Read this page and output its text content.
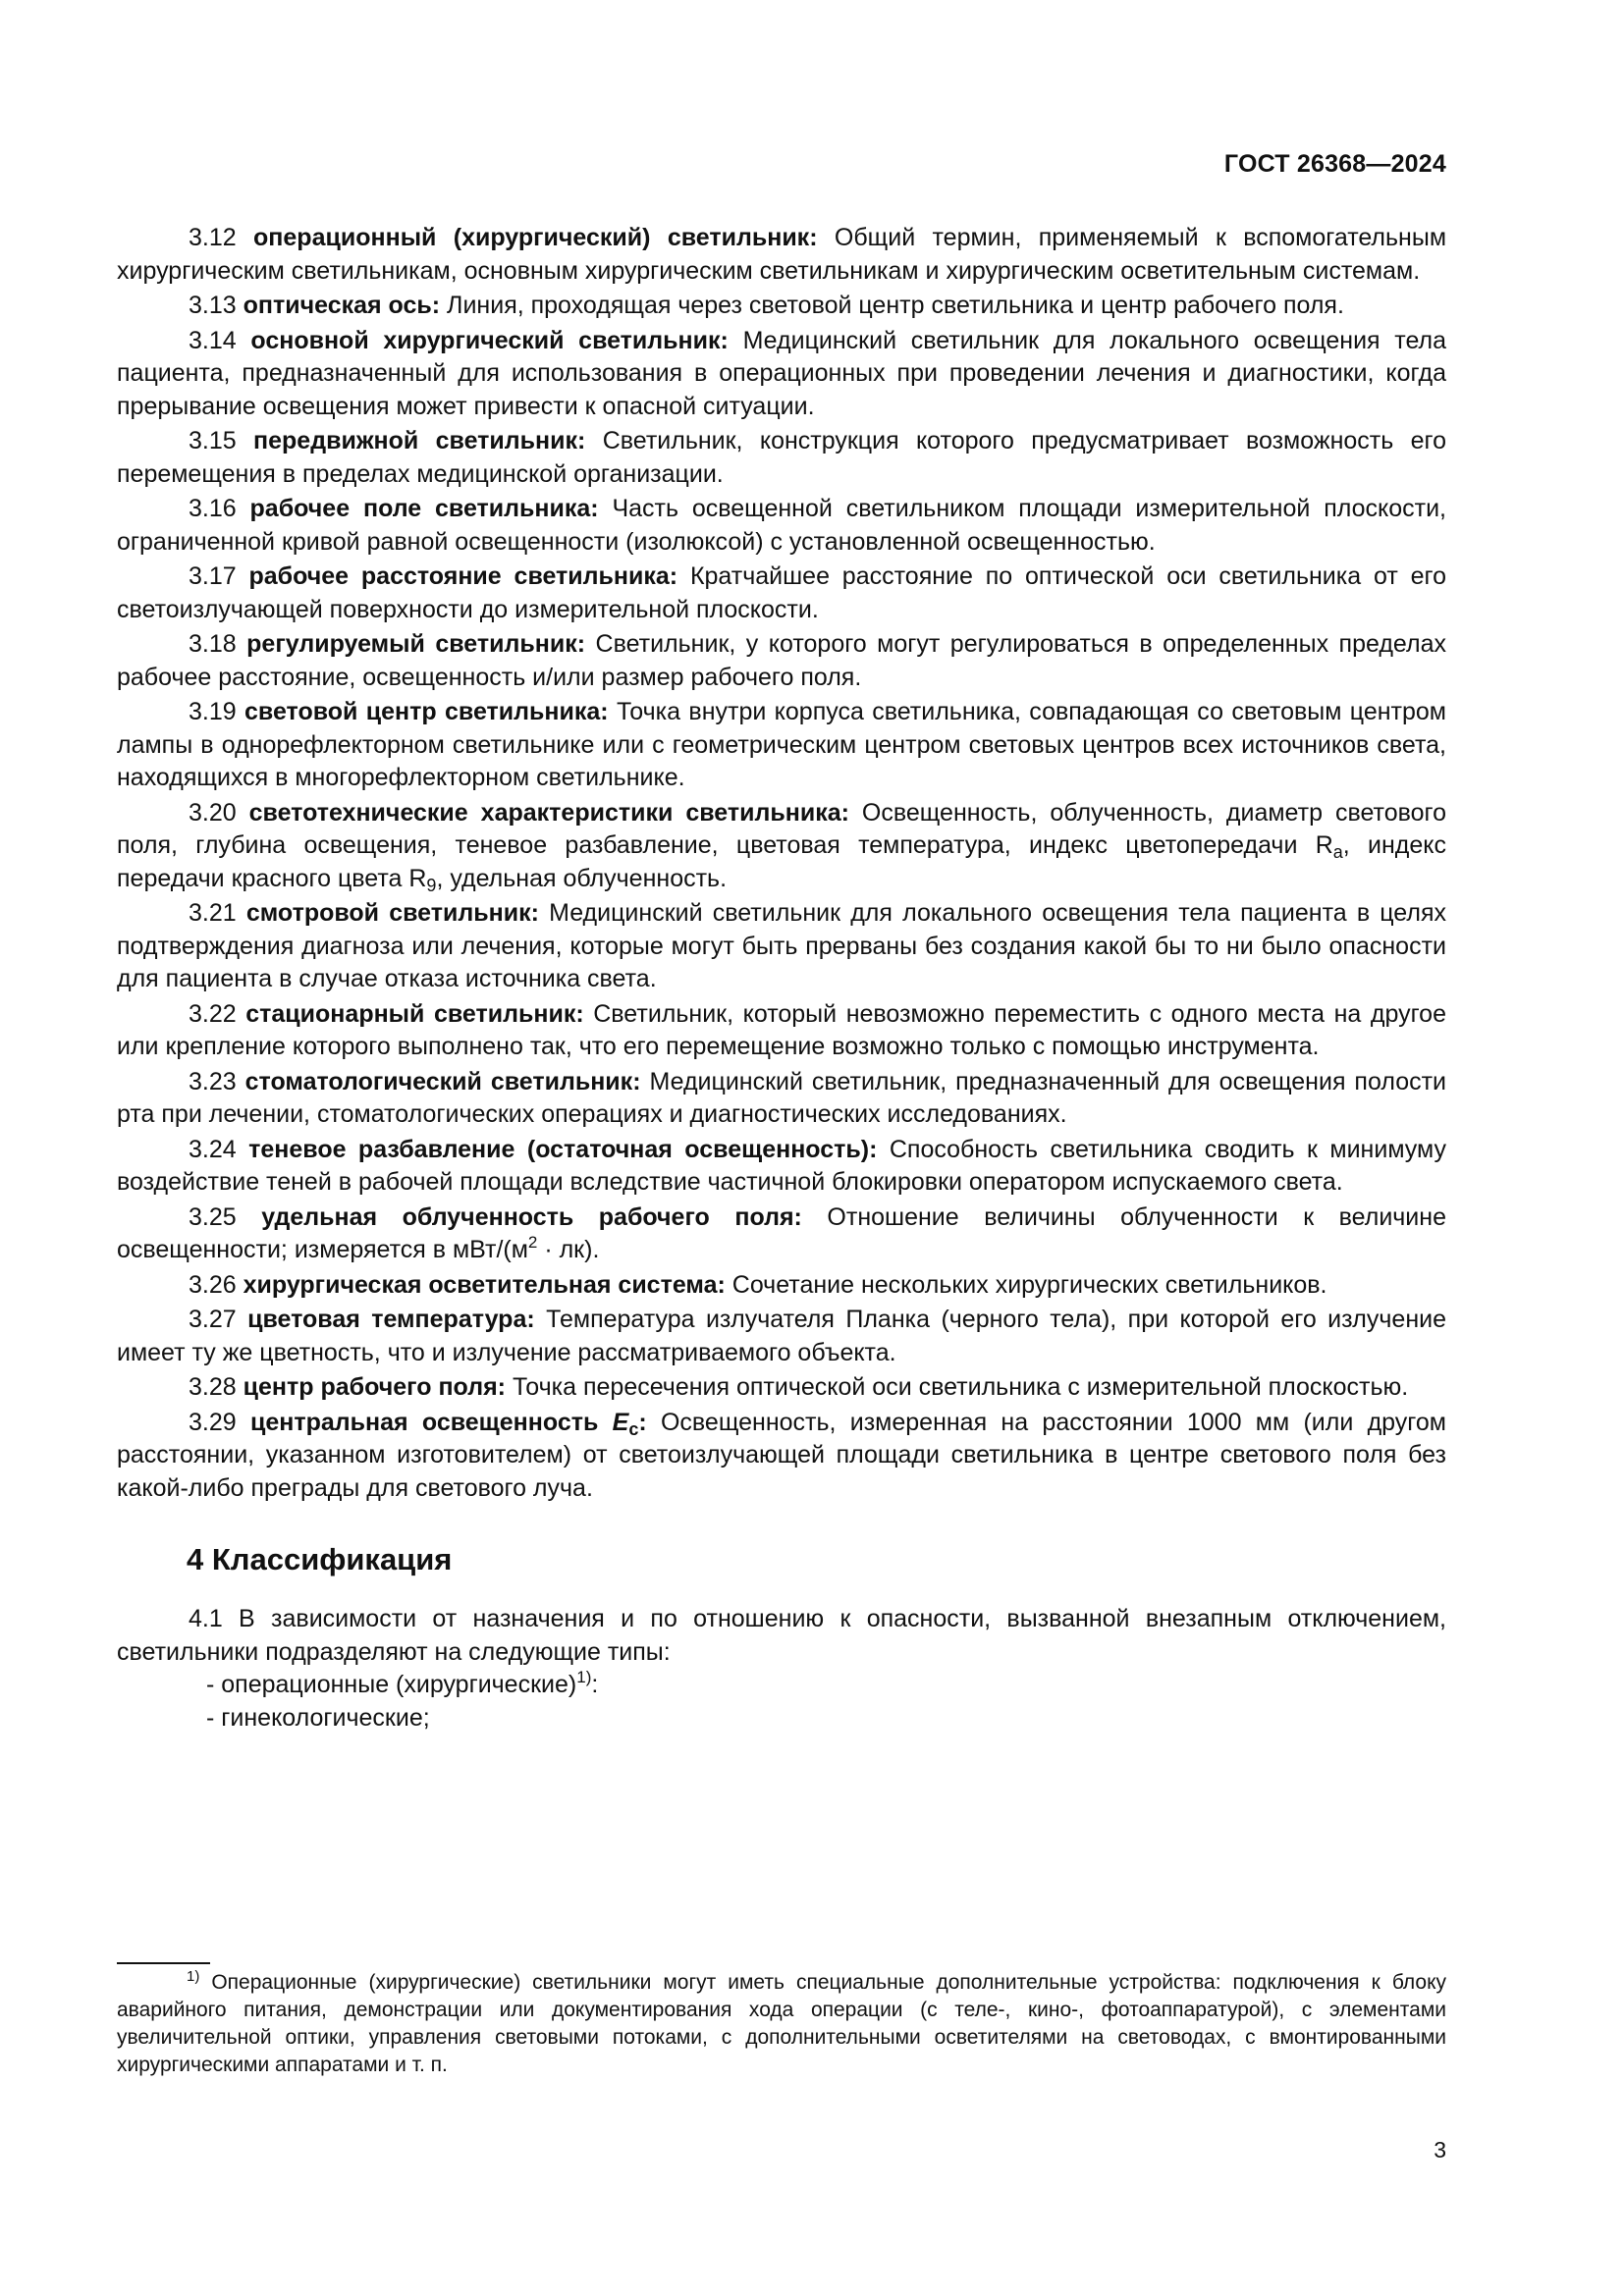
ГОСТ 26368—2024

3.12 операционный (хирургический) светильник: Общий термин, применяемый к вспомогательным хирургическим светильникам, основным хирургическим светильникам и хирургическим осветительным системам.

3.13 оптическая ось: Линия, проходящая через световой центр светильника и центр рабочего поля.

3.14 основной хирургический светильник: Медицинский светильник для локального освещения тела пациента, предназначенный для использования в операционных при проведении лечения и диагностики, когда прерывание освещения может привести к опасной ситуации.

3.15 передвижной светильник: Светильник, конструкция которого предусматривает возможность его перемещения в пределах медицинской организации.

3.16 рабочее поле светильника: Часть освещенной светильником площади измерительной плоскости, ограниченной кривой равной освещенности (изолюксой) с установленной освещенностью.

3.17 рабочее расстояние светильника: Кратчайшее расстояние по оптической оси светильника от его светоизлучающей поверхности до измерительной плоскости.

3.18 регулируемый светильник: Светильник, у которого могут регулироваться в определенных пределах рабочее расстояние, освещенность и/или размер рабочего поля.

3.19 световой центр светильника: Точка внутри корпуса светильника, совпадающая со световым центром лампы в однорефлекторном светильнике или с геометрическим центром световых центров всех источников света, находящихся в многорефлекторном светильнике.

3.20 светотехнические характеристики светильника: Освещенность, облученность, диаметр светового поля, глубина освещения, теневое разбавление, цветовая температура, индекс цветопередачи $R_a$, индекс передачи красного цвета $R_9$, удельная облученность.

3.21 смотровой светильник: Медицинский светильник для локального освещения тела пациента в целях подтверждения диагноза или лечения, которые могут быть прерваны без создания какой бы то ни было опасности для пациента в случае отказа источника света.

3.22 стационарный светильник: Светильник, который невозможно переместить с одного места на другое или крепление которого выполнено так, что его перемещение возможно только с помощью инструмента.

3.23 стоматологический светильник: Медицинский светильник, предназначенный для освещения полости рта при лечении, стоматологических операциях и диагностических исследованиях.

3.24 теневое разбавление (остаточная освещенность): Способность светильника сводить к минимуму воздействие теней в рабочей площади вследствие частичной блокировки оператором испускаемого света.

3.25 удельная облученность рабочего поля: Отношение величины облученности к величине освещенности; измеряется в мВт/$(м^2 \cdot лк)$.

3.26 хирургическая осветительная система: Сочетание нескольких хирургических светильников.

3.27 цветовая температура: Температура излучателя Планка (черного тела), при которой его излучение имеет ту же цветность, что и излучение рассматриваемого объекта.

3.28 центр рабочего поля: Точка пересечения оптической оси светильника с измерительной плоскостью.

3.29 центральная освещенность $E_c$: Освещенность, измеренная на расстоянии 1000 мм (или другом расстоянии, указанном изготовителем) от светоизлучающей площади светильника в центре светового поля без какой-либо преграды для светового луча.

4 Классификация

4.1 В зависимости от назначения и по отношению к опасности, вызванной внезапным отключением, светильники подразделяют на следующие типы:

- операционные (хирургические)$^{1)}$:

- гинекологические;

$^{1)}$ Операционные (хирургические) светильники могут иметь специальные дополнительные устройства: подключения к блоку аварийного питания, демонстрации или документирования хода операции (с теле-, кино-, фотоаппаратурой), с элементами увеличительной оптики, управления световыми потоками, с дополнительными осветителями на световодах, с вмонтированными хирургическими аппаратами и т. п.

3
